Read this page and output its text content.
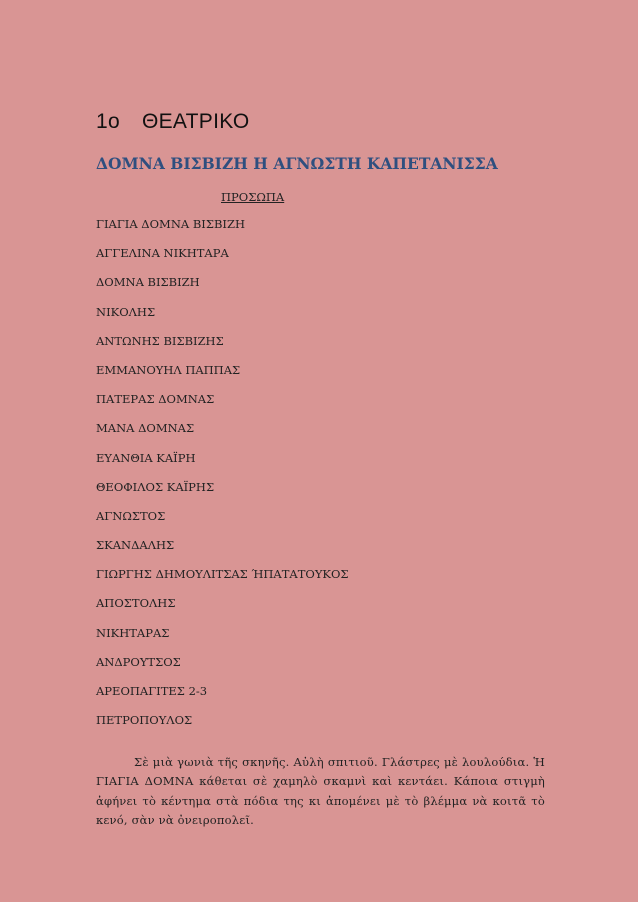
1ο ΘΕΑΤΡΙΚΟ
ΔΟΜΝΑ ΒΙΣΒΙΖΗ Η ΑΓΝΩΣΤΗ ΚΑΠΕΤΑΝΙΣΣΑ
ΠΡΟΣΩΠΑ
ΓΙΑΓΙΑ ΔΟΜΝΑ ΒΙΣΒΙΖΗ
ΑΓΓΕΛΙΝΑ ΝΙΚΗΤΑΡΑ
ΔΟΜΝΑ ΒΙΣΒΙΖΗ
ΝΙΚΟΛΗΣ
ΑΝΤΩΝΗΣ ΒΙΣΒΙΖΗΣ
ΕΜΜΑΝΟΥΗΛ ΠΑΠΠΑΣ
ΠΑΤΕΡΑΣ ΔΟΜΝΑΣ
ΜΑΝΑ ΔΟΜΝΑΣ
ΕΥΑΝΘΙΑ ΚΑΪΡΗ
ΘΕΟΦΙΛΟΣ ΚΑΪΡΗΣ
ΑΓΝΩΣΤΟΣ
ΣΚΑΝΔΑΛΗΣ
ΓΙΩΡΓΗΣ ΔΗΜΟΥΛΙΤΣΑΣ ΉΠΑΤΑΤΟΥΚΟΣ
ΑΠΟΣΤΟΛΗΣ
ΝΙΚΗΤΑΡΑΣ
ΑΝΔΡΟΥΤΣΟΣ
ΑΡΕΟΠΑΓΙΤΕΣ 2-3
ΠΕΤΡΟΠΟΥΛΟΣ

Σὲ μιὰ γωνιὰ τῆς σκηνῆς. Αὐλὴ σπιτιοῦ. Γλάστρες μὲ λουλούδια. Ἡ ΓΙΑΓΙΑ ΔΟΜΝΑ κάθεται σὲ χαμηλὸ σκαμνὶ καὶ κεντάει. Κάποια στιγμὴ ἀφήνει τὸ κέντημα στὰ πόδια της κι ἀπομένει μὲ τὸ βλέμμα νὰ κοιτᾶ τὸ κενό, σὰν νὰ ὀνειροπολεῖ.
